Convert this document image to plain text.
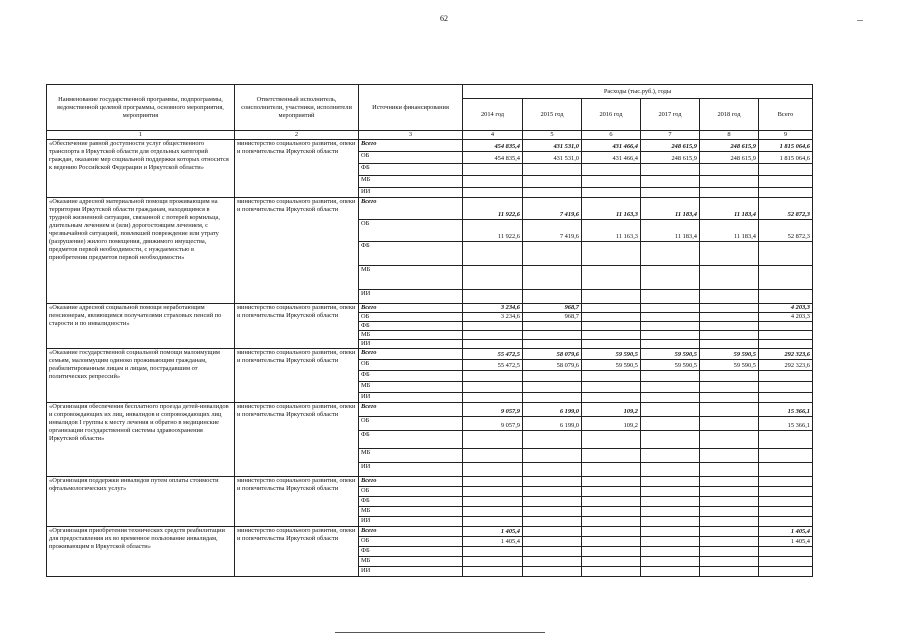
62
Наименование государственной программы, подпрограммы, ведомственной целевой программы, основного мероприятия, мероприятия	Ответственный исполнитель, соисполнители, участники, исполнители мероприятий	Источники финансирования	Расходы (тыс.руб.), годы					
			2014 год	2015 год	2016 год	2017 год	2018 год	Всего
1	2	3	4	5	6	7	8	9
«Обеспечение равной доступности услуг общественного транспорта в Иркутской области для отдельных категорий граждан, оказание мер социальной поддержки которых относится к ведению Российской Федерации и Иркутской области»	министерство социального развития, опеки и попечительства Иркутской области	Всего	454 835,4	431 531,0	431 466,4	248 615,9	248 615,9	1 815 064,6
		ОБ	454 835,4	431 531,0	431 466,4	248 615,9	248 615,9	1 815 064,6
		ФБ						
		МБ						
		ИИ						
«Оказание адресной материальной помощи проживающим на территории Иркутской области гражданам, находящимся в трудной жизненной ситуации, связанной с потерей кормильца, длительным лечением и (или) дорогостоящим лечением, с чрезвычайной ситуацией, повлекшей повреждение или утрату (разрушение) жилого помещения, движимого имущества, предметов первой необходимости, с нуждаемостью в приобретении предметов первой необходимости»	министерство социального развития, опеки и попечительства Иркутской области	Всего	11 922,6	7 419,6	11 163,3	11 183,4	11 183,4	52 872,3
		ОБ	11 922,6	7 419,6	11 163,3	11 183,4	11 183,4	52 872,3
		ФБ						
		МБ						
		ИИ						
«Оказание адресной социальной помощи неработающим пенсионерам, являющимся получателями страховых пенсий по старости и по инвалидности»	министерство социального развития, опеки и попечительства Иркутской области	Всего	3 234,6	968,7				4 203,3
		ОБ	3 234,6	968,7				4 203,3
		ФБ						
		МБ						
		ИИ						
«Оказание государственной социальной помощи малоимущим семьям, малоимущим одиноко проживающим гражданам, реабилитированным лицам и лицам, пострадавшим от политических репрессий»	министерство социального развития, опеки и попечительства Иркутской области	Всего	55 472,5	58 079,6	59 590,5	59 590,5	59 590,5	292 323,6
		ОБ	55 472,5	58 079,6	59 590,5	59 590,5	59 590,5	292 323,6
		ФБ						
		МБ						
		ИИ						
«Организация обеспечения бесплатного проезда детей-инвалидов и сопровождающих их лиц, инвалидов и сопровождающих лиц инвалидов I группы к месту лечения и обратно в медицинские организации государственной системы здравоохранения Иркутской области»	министерство социального развития, опеки и попечительства Иркутской области	Всего	9 057,9	6 199,0	109,2			15 366,1
		ОБ	9 057,9	6 199,0	109,2			15 366,1
		ФБ						
		МБ						
		ИИ						
«Организация поддержки инвалидов путем оплаты стоимости офтальмологических услуг»	министерство социального развития, опеки и попечительства Иркутской области	Всего						
		ОБ						
		ФБ						
		МБ						
		ИИ						
«Организация приобретения технических средств реабилитации для предоставления их во временное пользование инвалидам, проживающим в Иркутской области»	министерство социального развития, опеки и попечительства Иркутской области	Всего	1 405,4					1 405,4
		ОБ	1 405,4					1 405,4
		ФБ						
		МБ						
		ИИ						
